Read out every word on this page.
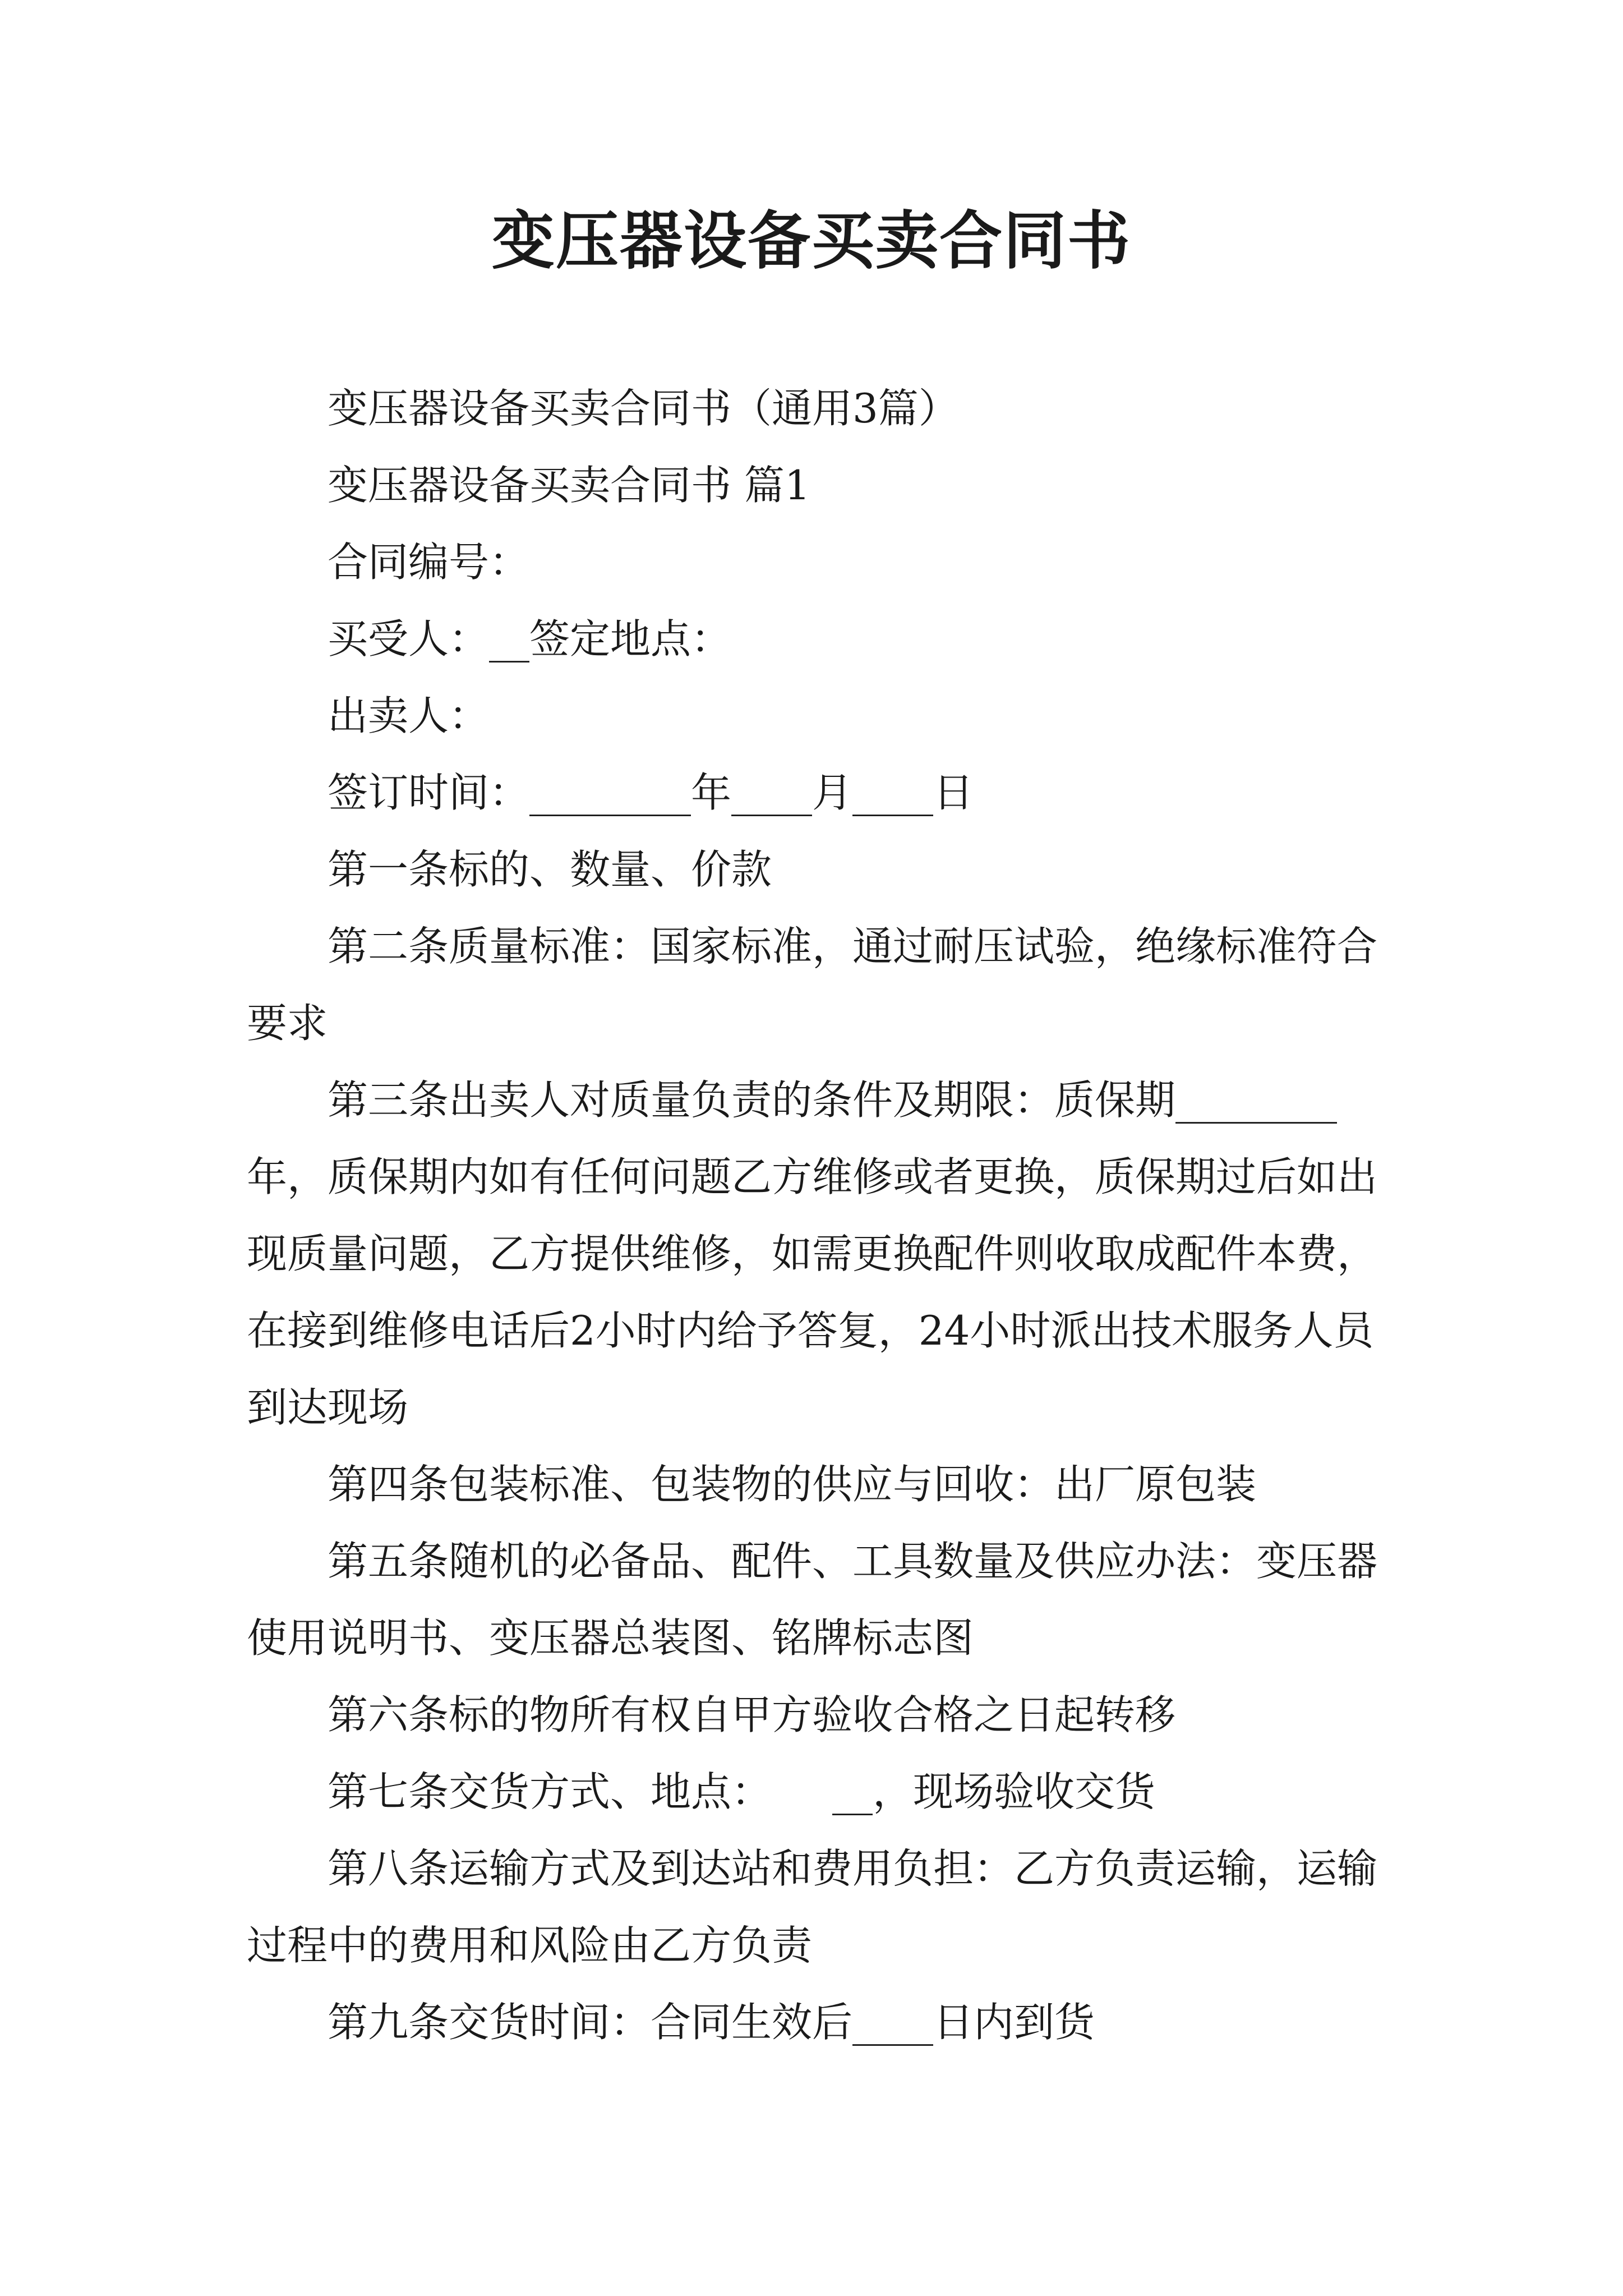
变压器设备买卖合同书

变压器设备买卖合同书（通用3篇）

变压器设备买卖合同书 篇1

合同编号：

买受人：__签定地点：

出卖人：

签订时间：________年____月____日

第一条标的、数量、价款

第二条质量标准：国家标准，通过耐压试验，绝缘标准符合要求

第三条出卖人对质量负责的条件及期限：质保期________年，质保期内如有任何问题乙方维修或者更换，质保期过后如出现质量问题，乙方提供维修，如需更换配件则收取成配件本费，在接到维修电话后2小时内给予答复，24小时派出技术服务人员到达现场

第四条包装标准、包装物的供应与回收：出厂原包装

第五条随机的必备品、配件、工具数量及供应办法：变压器使用说明书、变压器总装图、铭牌标志图

第六条标的物所有权自甲方验收合格之日起转移

第七条交货方式、地点：　　__，现场验收交货

第八条运输方式及到达站和费用负担：乙方负责运输，运输过程中的费用和风险由乙方负责

第九条交货时间：合同生效后____日内到货
